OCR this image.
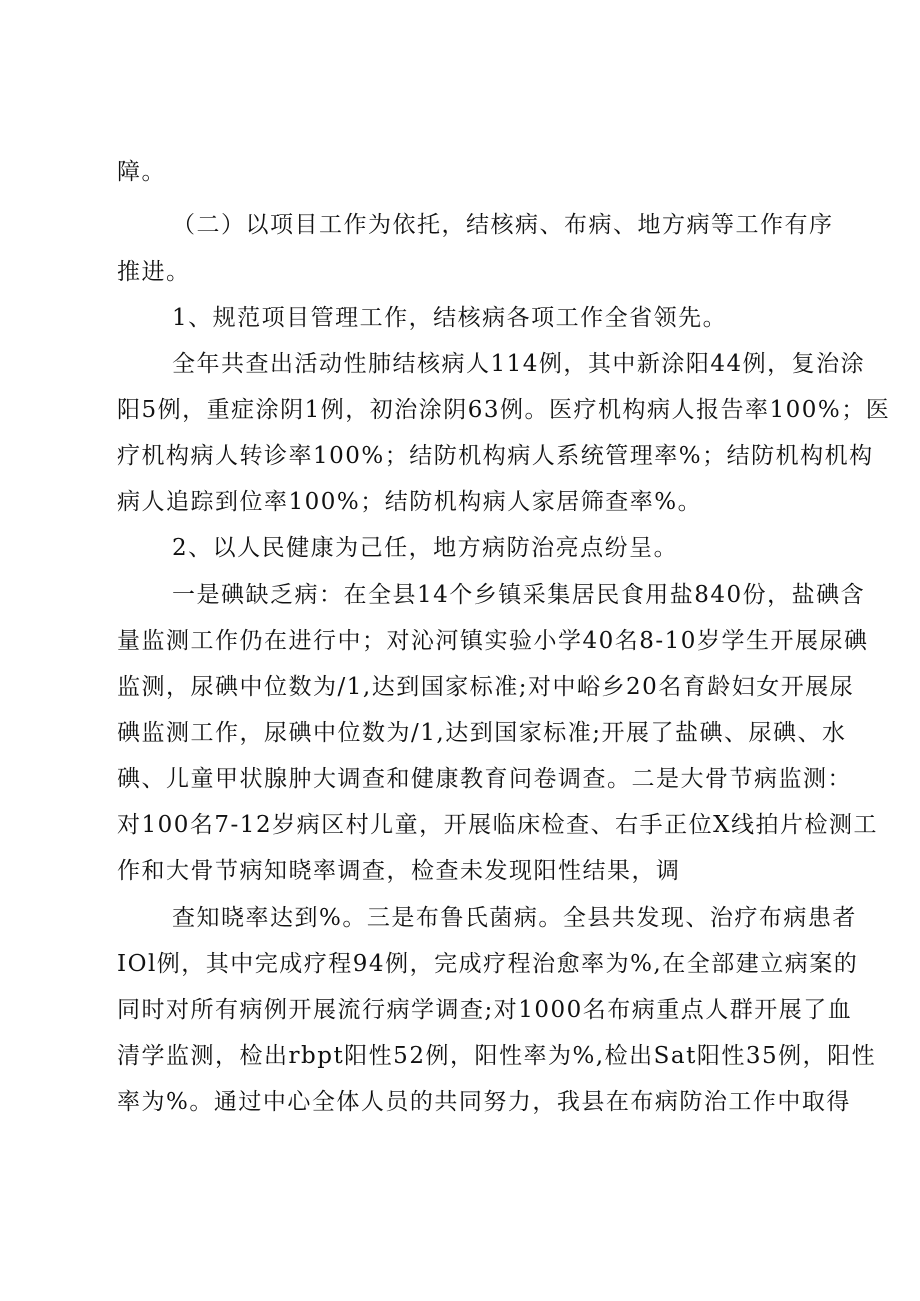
障。
（二）以项目工作为依托，结核病、布病、地方病等工作有序
推进。
1、规范项目管理工作，结核病各项工作全省领先。
全年共查出活动性肺结核病人114例，其中新涂阳44例，复治涂
阳5例，重症涂阴1例，初治涂阴63例。医疗机构病人报告率100%；医
疗机构病人转诊率100%；结防机构病人系统管理率%；结防机构机构
病人追踪到位率100%；结防机构病人家居筛查率%。
2、以人民健康为己任，地方病防治亮点纷呈。
一是碘缺乏病：在全县14个乡镇采集居民食用盐840份，盐碘含
量监测工作仍在进行中；对沁河镇实验小学40名8-10岁学生开展尿碘
监测，尿碘中位数为/1,达到国家标准;对中峪乡20名育龄妇女开展尿
碘监测工作，尿碘中位数为/1,达到国家标准;开展了盐碘、尿碘、水
碘、儿童甲状腺肿大调查和健康教育问卷调查。二是大骨节病监测：
对100名7-12岁病区村儿童，开展临床检查、右手正位X线拍片检测工
作和大骨节病知晓率调查，检查未发现阳性结果，调
查知晓率达到%。三是布鲁氏菌病。全县共发现、治疗布病患者
IOl例，其中完成疗程94例，完成疗程治愈率为%,在全部建立病案的
同时对所有病例开展流行病学调查;对1000名布病重点人群开展了血
清学监测，检出rbpt阳性52例，阳性率为%,检出Sat阳性35例，阳性
率为%。通过中心全体人员的共同努力，我县在布病防治工作中取得
